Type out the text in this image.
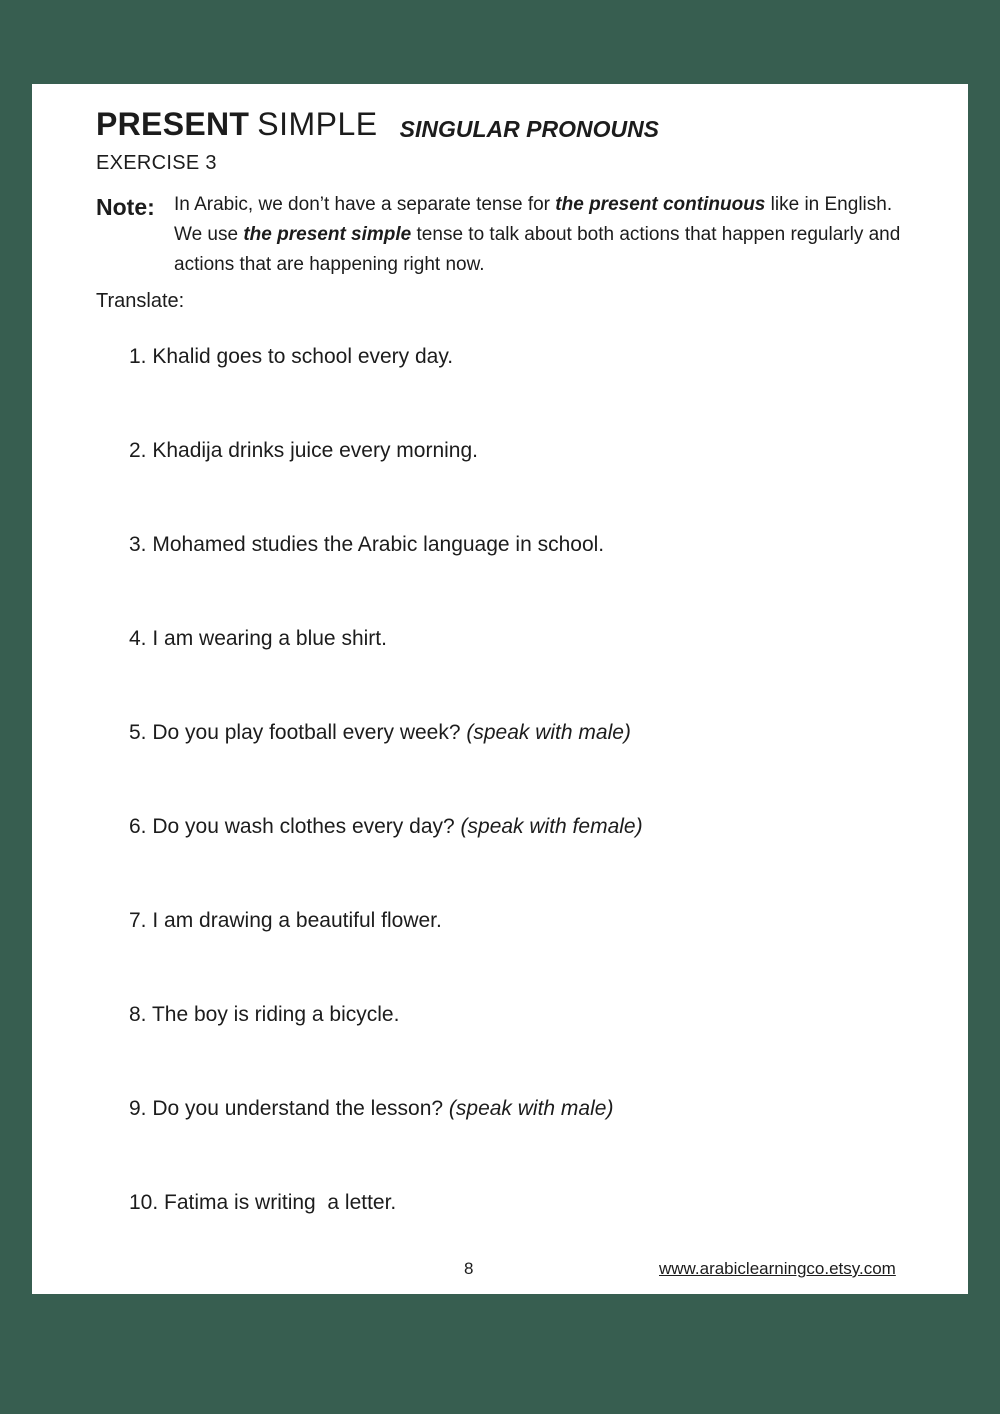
PRESENT SIMPLE SINGULAR PRONOUNS
EXERCISE 3
Note: In Arabic, we don’t have a separate tense for the present continuous like in English.
We use the present simple tense to talk about both actions that happen regularly and
actions that are happening right now.
Translate:
1. Khalid goes to school every day.
2. Khadija drinks juice every morning.
3. Mohamed studies the Arabic language in school.
4. I am wearing a blue shirt.
5. Do you play football every week? (speak with male)
6. Do you wash clothes every day? (speak with female)
7. I am drawing a beautiful flower.
8. The boy is riding a bicycle.
9. Do you understand the lesson? (speak with male)
10. Fatima is writing  a letter.
8	www.arabiclearningco.etsy.com
